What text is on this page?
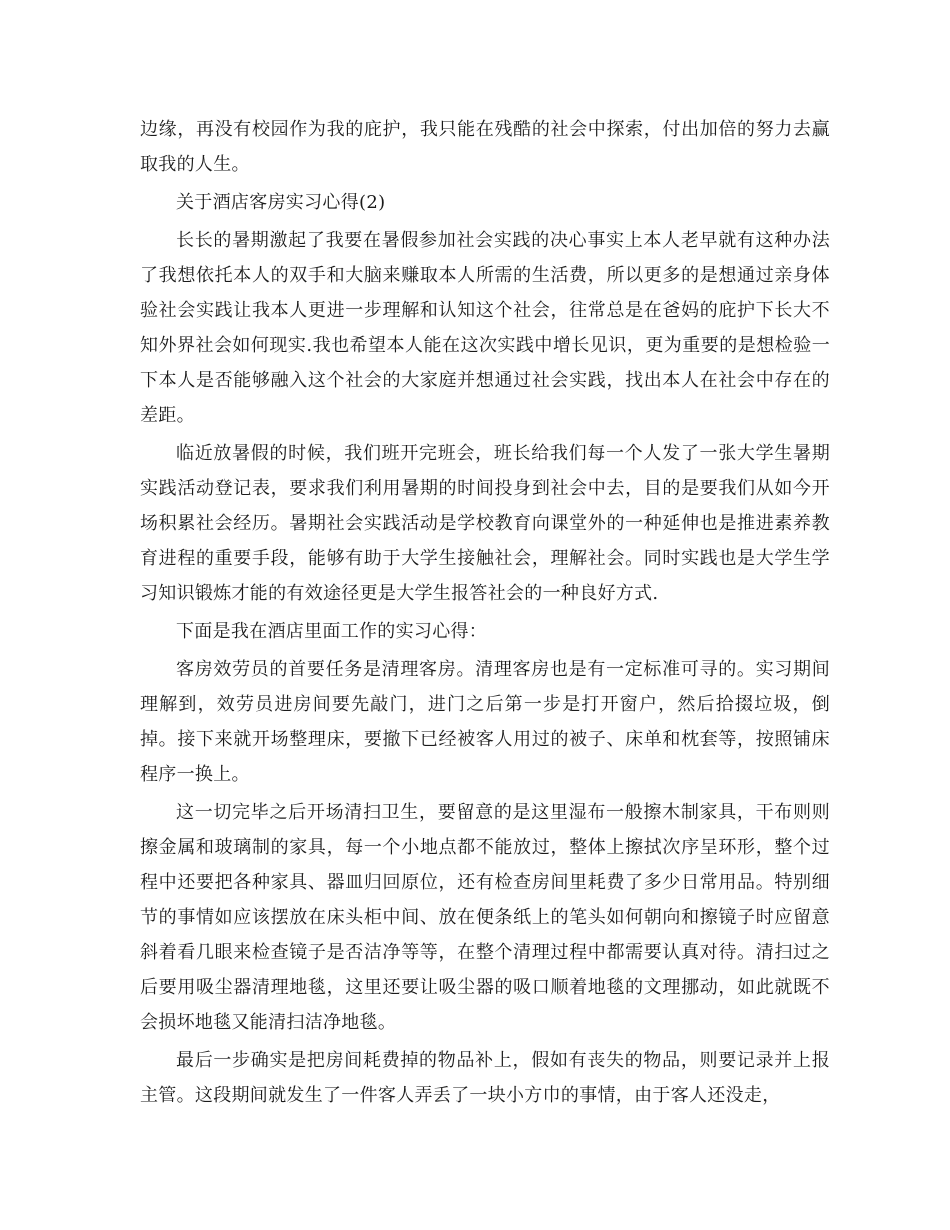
边缘，再没有校园作为我的庇护，我只能在残酷的社会中探索，付出加倍的努力去赢取我的人生。

关于酒店客房实习心得(2)

长长的暑期激起了我要在暑假参加社会实践的决心事实上本人老早就有这种办法了我想依托本人的双手和大脑来赚取本人所需的生活费，所以更多的是想通过亲身体验社会实践让我本人更进一步理解和认知这个社会，往常总是在爸妈的庇护下长大不知外界社会如何现实.我也希望本人能在这次实践中增长见识，更为重要的是想检验一下本人是否能够融入这个社会的大家庭并想通过社会实践，找出本人在社会中存在的差距。

临近放暑假的时候，我们班开完班会，班长给我们每一个人发了一张大学生暑期实践活动登记表，要求我们利用暑期的时间投身到社会中去，目的是要我们从如今开场积累社会经历。暑期社会实践活动是学校教育向课堂外的一种延伸也是推进素养教育进程的重要手段，能够有助于大学生接触社会，理解社会。同时实践也是大学生学习知识锻炼才能的有效途径更是大学生报答社会的一种良好方式.

下面是我在酒店里面工作的实习心得：

客房效劳员的首要任务是清理客房。清理客房也是有一定标准可寻的。实习期间理解到，效劳员进房间要先敲门，进门之后第一步是打开窗户，然后拾掇垃圾，倒掉。接下来就开场整理床，要撤下已经被客人用过的被子、床单和枕套等，按照铺床程序一换上。

这一切完毕之后开场清扫卫生，要留意的是这里湿布一般擦木制家具，干布则则擦金属和玻璃制的家具，每一个小地点都不能放过，整体上擦拭次序呈环形，整个过程中还要把各种家具、器皿归回原位，还有检查房间里耗费了多少日常用品。特别细节的事情如应该摆放在床头柜中间、放在便条纸上的笔头如何朝向和擦镜子时应留意斜着看几眼来检查镜子是否洁净等等，在整个清理过程中都需要认真对待。清扫过之后要用吸尘器清理地毯，这里还要让吸尘器的吸口顺着地毯的文理挪动，如此就既不会损坏地毯又能清扫洁净地毯。

最后一步确实是把房间耗费掉的物品补上，假如有丧失的物品，则要记录并上报主管。这段期间就发生了一件客人弄丢了一块小方巾的事情，由于客人还没走，
